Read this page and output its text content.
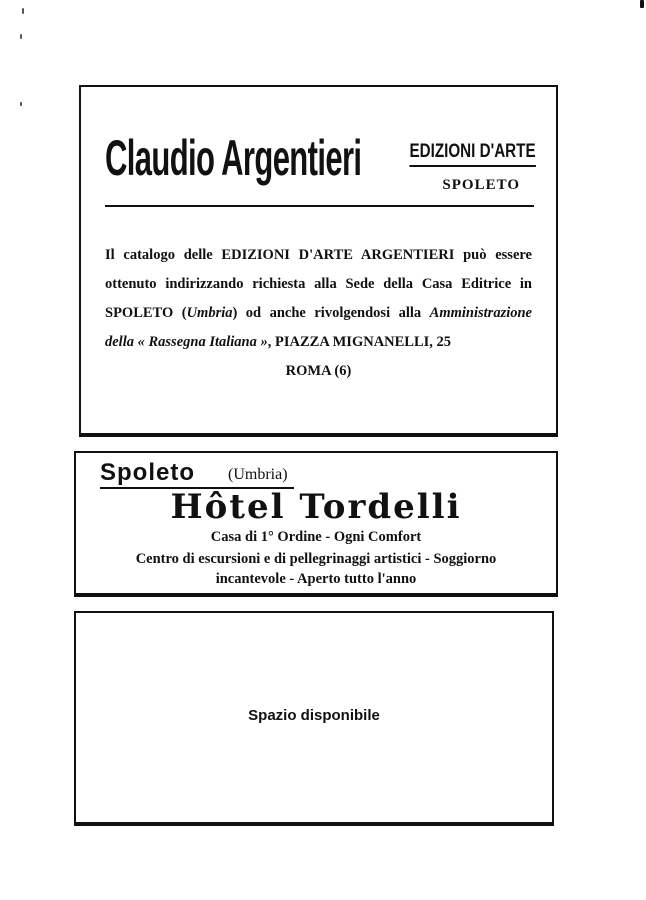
Claudio Argentieri	EDIZIONI D'ARTE
SPOLETO
Il catalogo delle EDIZIONI D'ARTE ARGENTIERI può essere ottenuto indirizzando richiesta alla Sede della Casa Editrice in SPOLETO (Umbria) od anche rivolgendosi alla Amministrazione della « Rassegna Italiana », PIAZZA MIGNANELLI, 25
ROMA (6)
Spoleto (Umbria)
Hôtel Tordelli
Casa di 1° Ordine - Ogni Comfort
Centro di escursioni e di pellegrinaggi artistici - Soggiorno incantevole - Aperto tutto l'anno
Spazio disponibile
